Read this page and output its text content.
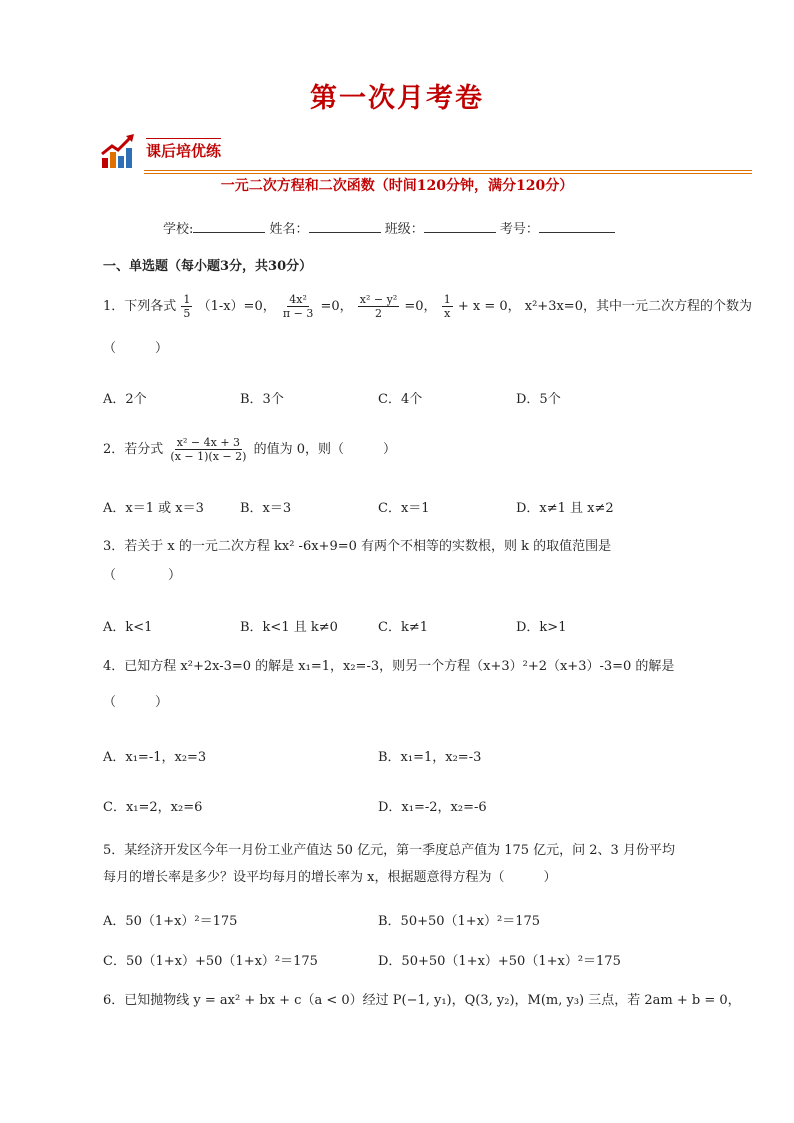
第一次月考卷
课后培优练
一元二次方程和二次函数（时间120分钟，满分120分）
学校:	姓名：	班级：	考号：
一、单选题（每小题3分，共30分）
1．下列各式 $\frac{1}{5} (1-x)=0$， $\frac{\text{4x²}}{\pi - 3} =0$， $\frac{\text{x² − y²}}{2} =0$， $\frac{1}{x} + x = 0$， x²+3x=0，其中一元二次方程的个数为
（　　　）
A．2个	B．3个	C．4个	D．5个
2．若分式 $\frac{\text{x² − 4x + 3}}{(x - 1)(x - 2)}$ 的值为 0，则（　　　）
A．x＝1 或 x＝3	B．x＝3	C．x＝1	D．x≠1 且 x≠2
3．若关于 x 的一元二次方程 kx² -6x+9=0 有两个不相等的实数根，则 k 的取值范围是
（　　　　）
A．k<1	B．k<1 且 k≠0	C．k≠1	D．k>1
4．已知方程 x²+2x-3=0 的解是 x₁=1，x₂=-3，则另一个方程（x+3）²+2（x+3）-3=0 的解是
（　　　）
A．x₁=-1，x₂=3	B．x₁=1，x₂=-3
C．x₁=2，x₂=6	D．x₁=-2，x₂=-6
5．某经济开发区今年一月份工业产值达 50 亿元，第一季度总产值为 175 亿元，问 2、3 月份平均
每月的增长率是多少？设平均每月的增长率为 x，根据题意得方程为（　　　）
A．50（1+x）²＝175	B．50+50（1+x）²＝175
C．50（1+x）+50（1+x）²＝175	D．50+50（1+x）+50（1+x）²＝175
6．已知抛物线 y = ax² + bx + c（a < 0）经过 P(−1, y₁)，Q(3, y₂)，M(m, y₃) 三点，若 2am + b = 0，
